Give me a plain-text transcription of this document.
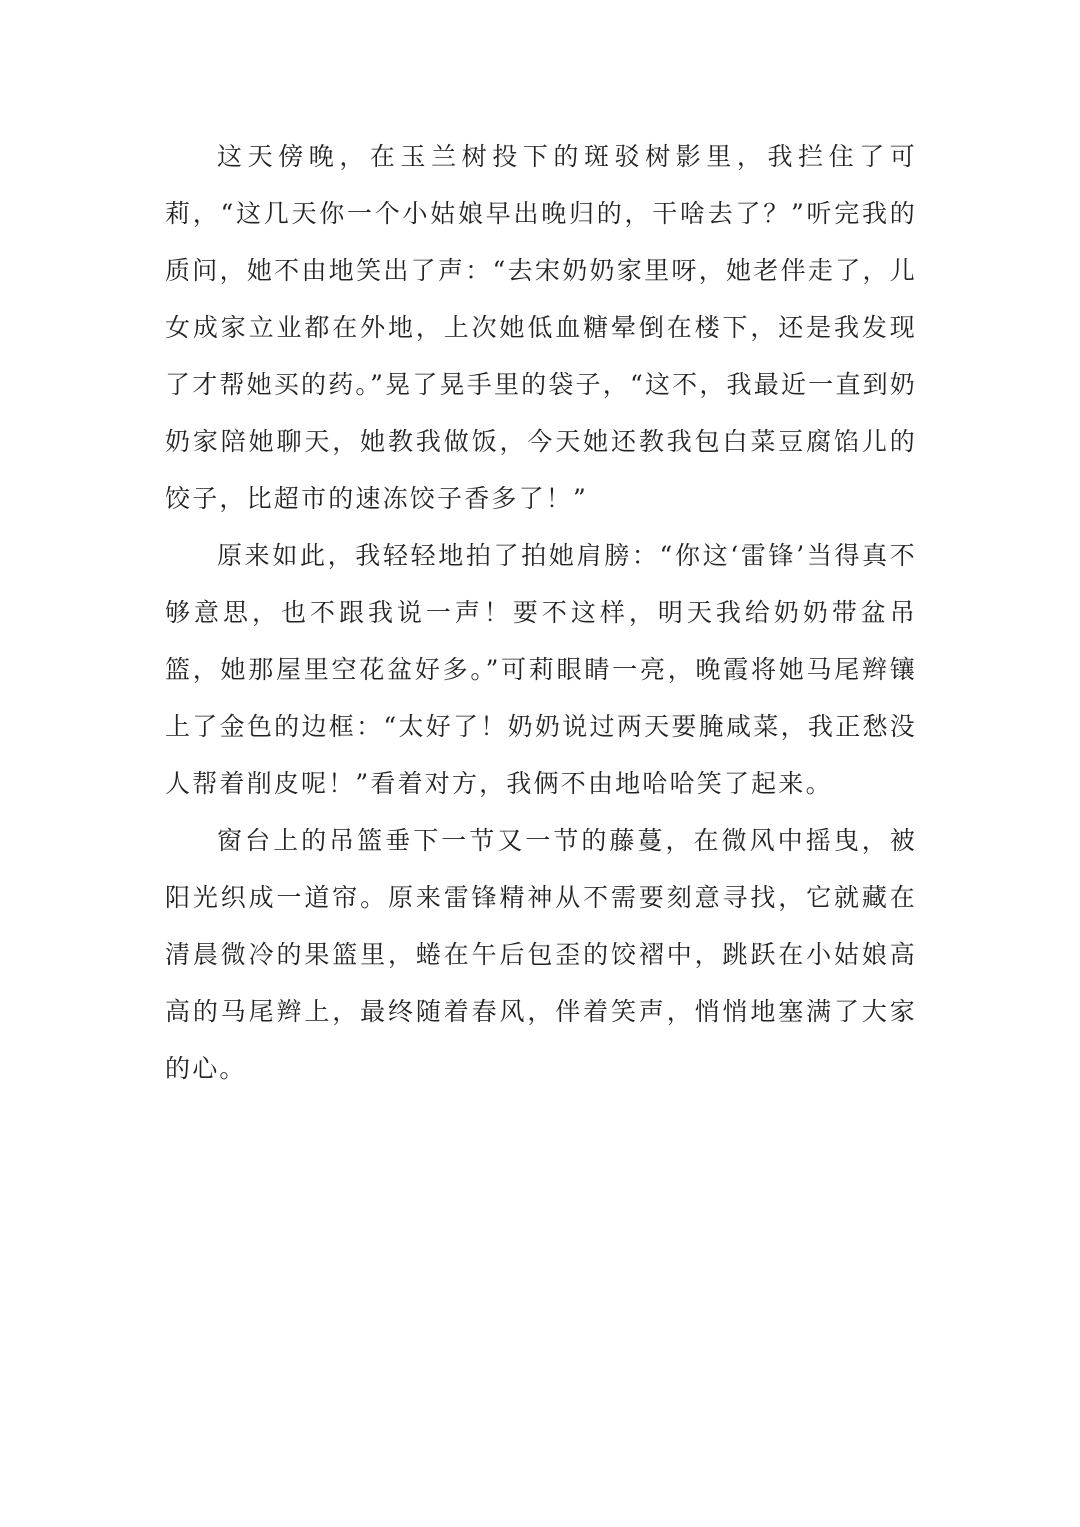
这天傍晚，在玉兰树投下的斑驳树影里，我拦住了可莉，“这几天你一个小姑娘早出晚归的，干啥去了？”听完我的质问，她不由地笑出了声：“去宋奶奶家里呀，她老伴走了，儿女成家立业都在外地，上次她低血糖晕倒在楼下，还是我发现了才帮她买的药。”晃了晃手里的袋子，“这不，我最近一直到奶奶家陪她聊天，她教我做饭，今天她还教我包白菜豆腐馅儿的饺子，比超市的速冻饺子香多了！”

原来如此，我轻轻地拍了拍她肩膀：“你这‘雷锋’当得真不够意思，也不跟我说一声！要不这样，明天我给奶奶带盆吊篮，她那屋里空花盆好多。”可莉眼睛一亮，晚霞将她马尾辫镶上了金色的边框：“太好了！奶奶说过两天要腌咸菜，我正愁没人帮着削皮呢！”看着对方，我俩不由地哈哈笑了起来。

窗台上的吊篮垂下一节又一节的藤蔓，在微风中摇曳，被阳光织成一道帘。原来雷锋精神从不需要刻意寻找，它就藏在清晨微冷的果篮里，蜷在午后包歪的饺褶中，跳跃在小姑娘高高的马尾辫上，最终随着春风，伴着笑声，悄悄地塞满了大家的心。
